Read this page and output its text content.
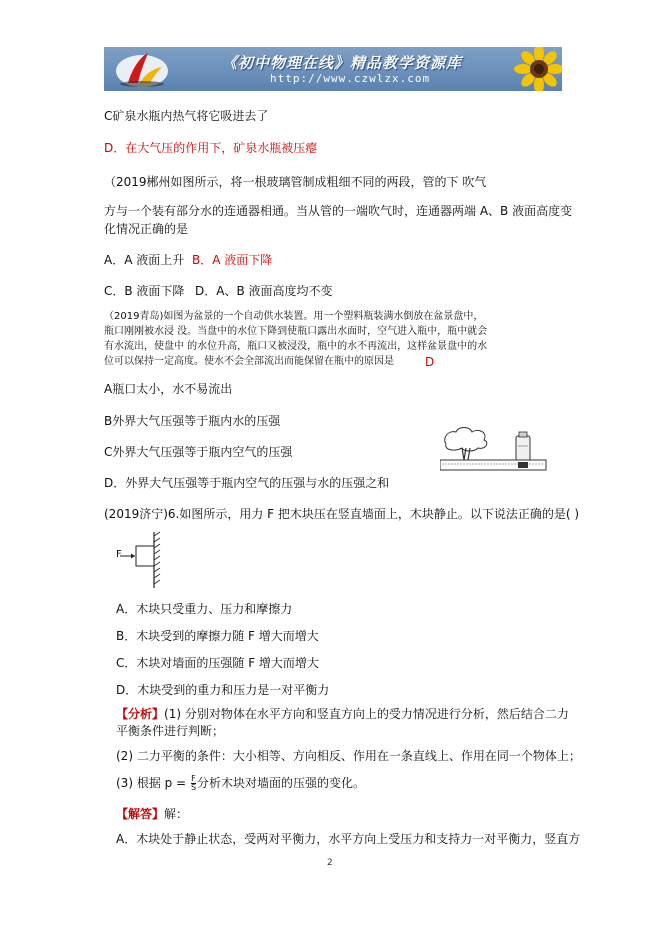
《初中物理在线》精品教学资源库
http://www.czwlzx.com
C矿泉水瓶内热气将它吸进去了
D．在大气压的作用下，矿泉水瓶被压瘪
（2019郴州如图所示，将一根玻璃管制成粗细不同的两段，管的下 吹气
方与一个装有部分水的连通器相通。当从管的一端吹气时，连通器两端 A、B 液面高度变
化情况正确的是
A．A 液面上升 B．A 液面下降
C．B 液面下降 D．A、B 液面高度均不变
（2019青岛)如图为盆景的一个自动供水装置。用一个塑料瓶装满水倒放在盆景盘中，
瓶口刚刚被水浸 没。当盘中的水位下降到使瓶口露出水面时，空气进入瓶中，瓶中就会
有水流出，使盘中 的水位升高，瓶口又被浸没，瓶中的水不再流出，这样盆景盘中的水
位可以保持一定高度。使水不会全部流出而能保留在瓶中的原因是	D
A瓶口太小，水不易流出
B外界大气压强等于瓶内水的压强
C外界大气压强等于瓶内空气的压强
D．外界大气压强等于瓶内空气的压强与水的压强之和
(2019济宁)6.如图所示，用力 F 把木块压在竖直墙面上，木块静止。以下说法正确的是( )
F
A．木块只受重力、压力和摩擦力
B．木块受到的摩擦力随 F 增大而增大
C．木块对墙面的压强随 F 增大而增大
D．木块受到的重力和压力是一对平衡力
【分析】(1) 分别对物体在水平方向和竖直方向上的受力情况进行分析，然后结合二力
平衡条件进行判断；
(2) 二力平衡的条件：大小相等、方向相反、作用在一条直线上、作用在同一个物体上；
(3) 根据 $p = \frac{F}{S}$ 分析木块对墙面的压强的变化。
【解答】解：
A．木块处于静止状态，受两对平衡力，水平方向上受压力和支持力一对平衡力，竖直方
2
